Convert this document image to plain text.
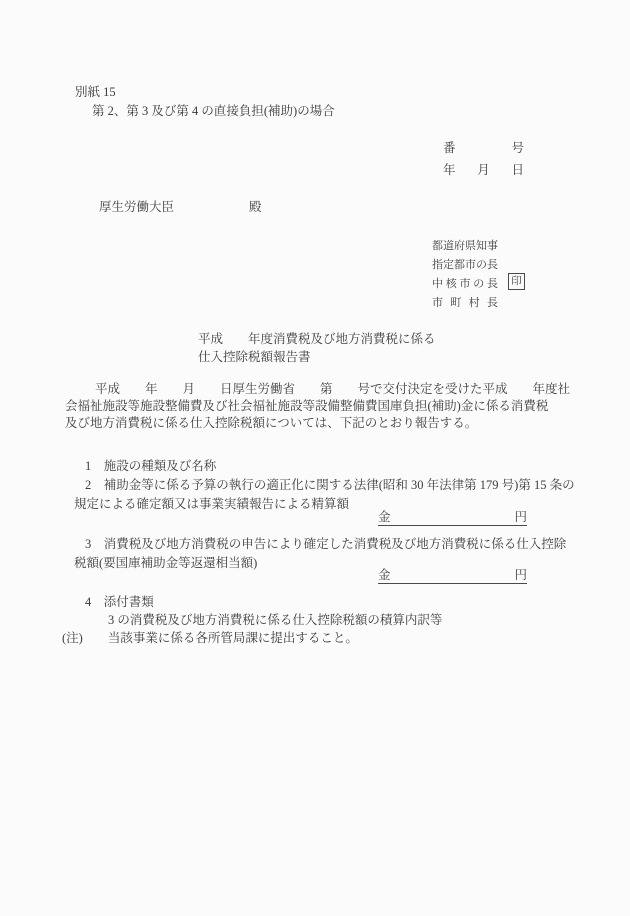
別紙 15
第 2、第 3 及び第 4 の直接負担(補助)の場合
番	号
年 月 日
厚生労働大臣	殿
都道府県知事
指定都市の長
中核市の長
市町村長
印
平成　　年度消費税及び地方消費税に係る
仕入控除税額報告書
平成　　年　　月　　日厚生労働省　　第　　号で交付決定を受けた平成　　年度社
会福祉施設等施設整備費及び社会福祉施設等設備整備費国庫負担(補助)金に係る消費税
及び地方消費税に係る仕入控除税額については、下記のとおり報告する。
1　施設の種類及び名称
2　補助金等に係る予算の執行の適正化に関する法律(昭和 30 年法律第 179 号)第 15 条の
規定による確定額又は事業実績報告による精算額
金	円
3　消費税及び地方消費税の申告により確定した消費税及び地方消費税に係る仕入控除
税額(要国庫補助金等返還相当額)
金	円
4　添付書類
3 の消費税及び地方消費税に係る仕入控除税額の積算内訳等
(注)　　当該事業に係る各所管局課に提出すること。
